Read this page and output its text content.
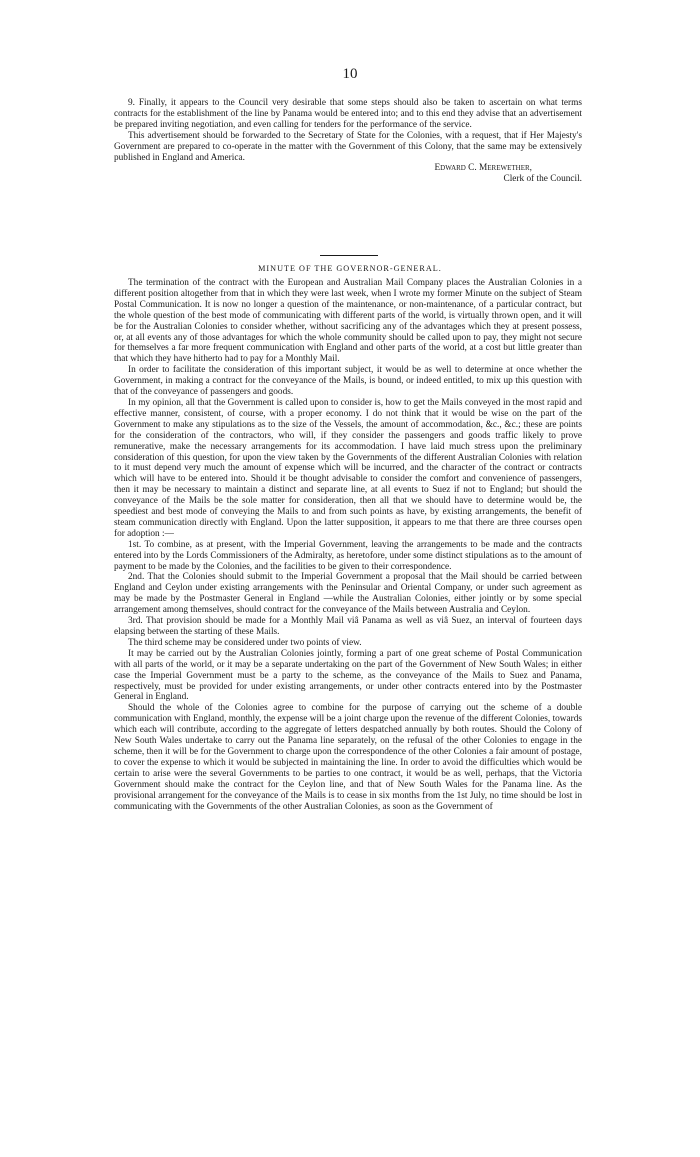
10

9. Finally, it appears to the Council very desirable that some steps should also be taken to ascertain on what terms contracts for the establishment of the line by Panama would be entered into; and to this end they advise that an advertisement be prepared inviting negotiation, and even calling for tenders for the performance of the service.

This advertisement should be forwarded to the Secretary of State for the Colonies, with a request, that if Her Majesty's Government are prepared to co-operate in the matter with the Government of this Colony, that the same may be extensively published in England and America.

Edward C. Merewether,

Clerk of the Council.

MINUTE OF THE GOVERNOR-GENERAL.

The termination of the contract with the European and Australian Mail Company places the Australian Colonies in a different position altogether from that in which they were last week, when I wrote my former Minute on the subject of Steam Postal Communication. It is now no longer a question of the maintenance, or non-maintenance, of a particular contract, but the whole question of the best mode of communicating with different parts of the world, is virtually thrown open, and it will be for the Australian Colonies to consider whether, without sacrificing any of the advantages which they at present possess, or, at all events any of those advantages for which the whole community should be called upon to pay, they might not secure for themselves a far more frequent communication with England and other parts of the world, at a cost but little greater than that which they have hitherto had to pay for a Monthly Mail.

In order to facilitate the consideration of this important subject, it would be as well to determine at once whether the Government, in making a contract for the conveyance of the Mails, is bound, or indeed entitled, to mix up this question with that of the conveyance of passengers and goods.

In my opinion, all that the Government is called upon to consider is, how to get the Mails conveyed in the most rapid and effective manner, consistent, of course, with a proper economy. I do not think that it would be wise on the part of the Government to make any stipulations as to the size of the Vessels, the amount of accommodation, &c., &c.; these are points for the consideration of the contractors, who will, if they consider the passengers and goods traffic likely to prove remunerative, make the necessary arrangements for its accommodation. I have laid much stress upon the preliminary consideration of this question, for upon the view taken by the Governments of the different Australian Colonies with relation to it must depend very much the amount of expense which will be incurred, and the character of the contract or contracts which will have to be entered into. Should it be thought advisable to consider the comfort and convenience of passengers, then it may be necessary to maintain a distinct and separate line, at all events to Suez if not to England; but should the conveyance of the Mails be the sole matter for consideration, then all that we should have to determine would be, the speediest and best mode of conveying the Mails to and from such points as have, by existing arrangements, the benefit of steam communication directly with England. Upon the latter supposition, it appears to me that there are three courses open for adoption :—

1st. To combine, as at present, with the Imperial Government, leaving the arrangements to be made and the contracts entered into by the Lords Commissioners of the Admiralty, as heretofore, under some distinct stipulations as to the amount of payment to be made by the Colonies, and the facilities to be given to their correspondence.

2nd. That the Colonies should submit to the Imperial Government a proposal that the Mail should be carried between England and Ceylon under existing arrangements with the Peninsular and Oriental Company, or under such agreement as may be made by the Postmaster General in England —while the Australian Colonies, either jointly or by some special arrangement among themselves, should contract for the conveyance of the Mails between Australia and Ceylon.

3rd. That provision should be made for a Monthly Mail viâ Panama as well as viâ Suez, an interval of fourteen days elapsing between the starting of these Mails.

The third scheme may be considered under two points of view.

It may be carried out by the Australian Colonies jointly, forming a part of one great scheme of Postal Communication with all parts of the world, or it may be a separate undertaking on the part of the Government of New South Wales; in either case the Imperial Government must be a party to the scheme, as the conveyance of the Mails to Suez and Panama, respectively, must be provided for under existing arrangements, or under other contracts entered into by the Postmaster General in England.

Should the whole of the Colonies agree to combine for the purpose of carrying out the scheme of a double communication with England, monthly, the expense will be a joint charge upon the revenue of the different Colonies, towards which each will contribute, according to the aggregate of letters despatched annually by both routes. Should the Colony of New South Wales undertake to carry out the Panama line separately, on the refusal of the other Colonies to engage in the scheme, then it will be for the Government to charge upon the correspondence of the other Colonies a fair amount of postage, to cover the expense to which it would be subjected in maintaining the line. In order to avoid the difficulties which would be certain to arise were the several Governments to be parties to one contract, it would be as well, perhaps, that the Victoria Government should make the contract for the Ceylon line, and that of New South Wales for the Panama line. As the provisional arrangement for the conveyance of the Mails is to cease in six months from the 1st July, no time should be lost in communicating with the Governments of the other Australian Colonies, as soon as the Government of
